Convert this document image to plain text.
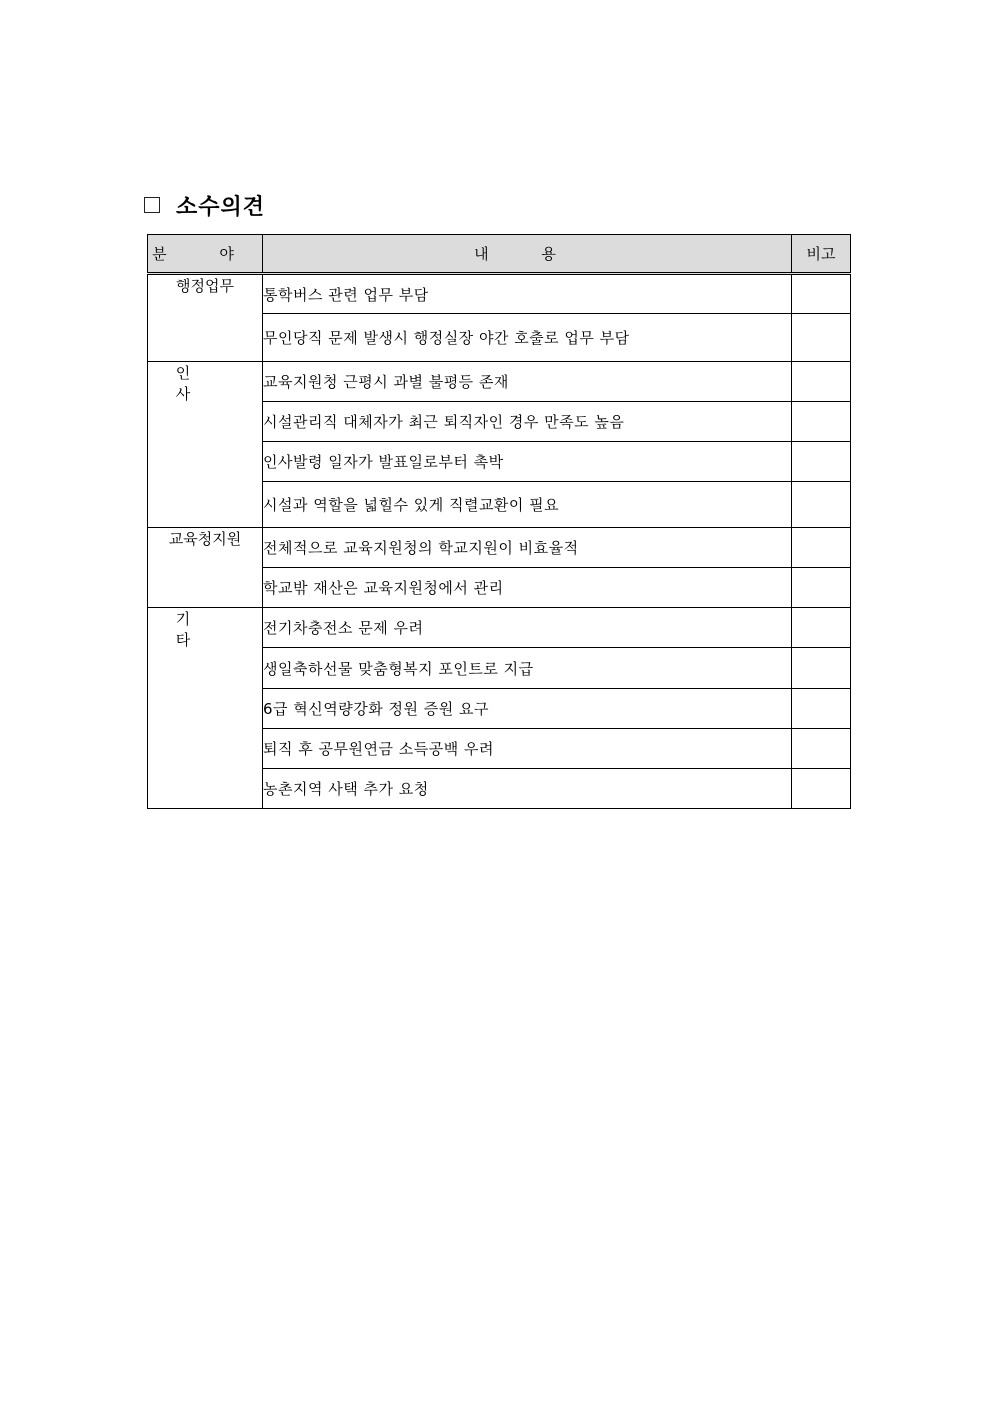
소수의견
분 야	내 용	비고
행정업무	통학버스 관련 업무 부담	
	무인당직 문제 발생시 행정실장 야간 호출로 업무 부담	
인 사	교육지원청 근평시 과별 불평등 존재	
	시설관리직 대체자가 최근 퇴직자인 경우 만족도 높음	
	인사발령 일자가 발표일로부터 촉박	
	시설과 역할을 넓힐수 있게 직렬교환이 필요	
교육청지원	전체적으로 교육지원청의 학교지원이 비효율적	
	학교밖 재산은 교육지원청에서 관리	
기 타	전기차충전소 문제 우려	
	생일축하선물 맞춤형복지 포인트로 지급	
	6급 혁신역량강화 정원 증원 요구	
	퇴직 후 공무원연금 소득공백 우려	
	농촌지역 사택 추가 요청	
